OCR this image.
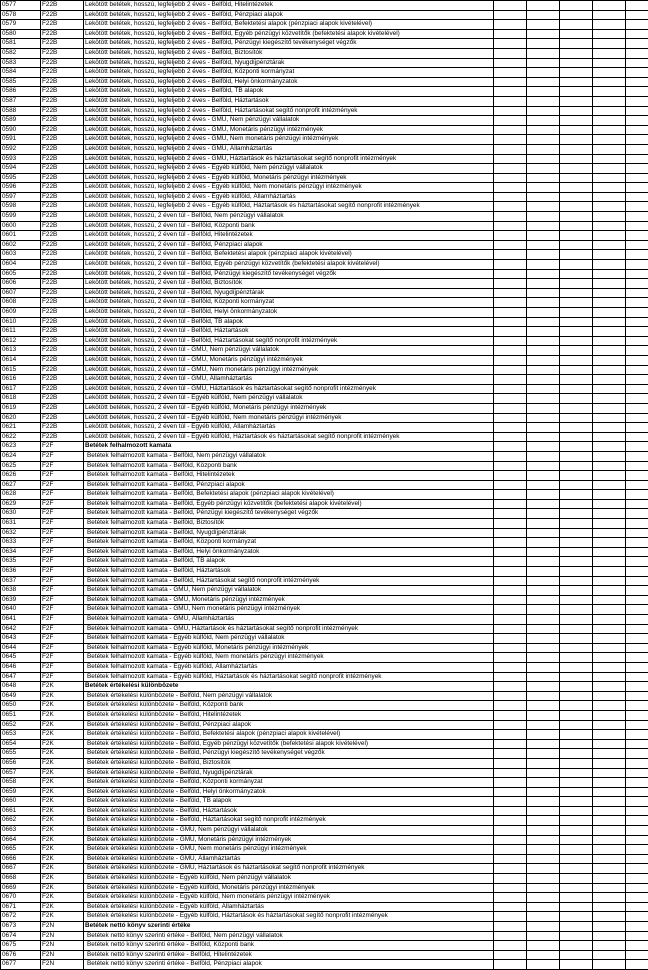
0577	F22B	Lekötött betétek, hosszú, legfeljebb 2 éves - Belföld, Hitelintézetek					
0578	F22B	Lekötött betétek, hosszú, legfeljebb 2 éves - Belföld, Pénzpiaci alapok					
0579	F22B	Lekötött betétek, hosszú, legfeljebb 2 éves - Belföld, Befektetési alapok (pénzpiaci alapok kivételével)					
0580	F22B	Lekötött betétek, hosszú, legfeljebb 2 éves - Belföld, Egyéb pénzügyi közvetítők (befektetési alapok kivételével)					
0581	F22B	Lekötött betétek, hosszú, legfeljebb 2 éves - Belföld, Pénzügyi kiegészítő tevékenységet végzők					
0582	F22B	Lekötött betétek, hosszú, legfeljebb 2 éves - Belföld, Biztosítók					
0583	F22B	Lekötött betétek, hosszú, legfeljebb 2 éves - Belföld, Nyugdíjpénztárak					
0584	F22B	Lekötött betétek, hosszú, legfeljebb 2 éves - Belföld, Központi kormányzat					
0585	F22B	Lekötött betétek, hosszú, legfeljebb 2 éves - Belföld, Helyi önkormányzatok					
0586	F22B	Lekötött betétek, hosszú, legfeljebb 2 éves - Belföld, TB alapok					
0587	F22B	Lekötött betétek, hosszú, legfeljebb 2 éves - Belföld, Háztartások					
0588	F22B	Lekötött betétek, hosszú, legfeljebb 2 éves - Belföld, Háztartásokat segítő nonprofit intézmények					
0589	F22B	Lekötött betétek, hosszú, legfeljebb 2 éves - GMU, Nem pénzügyi vállalatok					
0590	F22B	Lekötött betétek, hosszú, legfeljebb 2 éves - GMU, Monetáris pénzügyi intézmények					
0591	F22B	Lekötött betétek, hosszú, legfeljebb 2 éves - GMU, Nem monetáris pénzügyi intézmények					
0592	F22B	Lekötött betétek, hosszú, legfeljebb 2 éves - GMU, Államháztartás					
0593	F22B	Lekötött betétek, hosszú, legfeljebb 2 éves - GMU, Háztartások és háztartásokat segítő nonprofit intézmények					
0594	F22B	Lekötött betétek, hosszú, legfeljebb 2 éves - Egyéb külföld, Nem pénzügyi vállalatok					
0595	F22B	Lekötött betétek, hosszú, legfeljebb 2 éves - Egyéb külföld, Monetáris pénzügyi intézmények					
0596	F22B	Lekötött betétek, hosszú, legfeljebb 2 éves - Egyéb külföld, Nem monetáris pénzügyi intézmények					
0597	F22B	Lekötött betétek, hosszú, legfeljebb 2 éves - Egyéb külföld, Államháztartás					
0598	F22B	Lekötött betétek, hosszú, legfeljebb 2 éves - Egyéb külföld, Háztartások és háztartásokat segítő nonprofit intézmények					
0599	F22B	Lekötött betétek, hosszú, 2 éven túl - Belföld, Nem pénzügyi vállalatok					
0600	F22B	Lekötött betétek, hosszú, 2 éven túl - Belföld, Központi bank					
0601	F22B	Lekötött betétek, hosszú, 2 éven túl - Belföld, Hitelintézetek					
0602	F22B	Lekötött betétek, hosszú, 2 éven túl - Belföld, Pénzpiaci alapok					
0603	F22B	Lekötött betétek, hosszú, 2 éven túl - Belföld, Befektetési alapok (pénzpiaci alapok kivételével)					
0604	F22B	Lekötött betétek, hosszú, 2 éven túl - Belföld, Egyéb pénzügyi közvetítők (befektetési alapok kivételével)					
0605	F22B	Lekötött betétek, hosszú, 2 éven túl - Belföld, Pénzügyi kiegészítő tevékenységet végzők					
0606	F22B	Lekötött betétek, hosszú, 2 éven túl - Belföld, Biztosítók					
0607	F22B	Lekötött betétek, hosszú, 2 éven túl - Belföld, Nyugdíjpénztárak					
0608	F22B	Lekötött betétek, hosszú, 2 éven túl - Belföld, Központi kormányzat					
0609	F22B	Lekötött betétek, hosszú, 2 éven túl - Belföld, Helyi önkormányzatok					
0610	F22B	Lekötött betétek, hosszú, 2 éven túl - Belföld, TB alapok					
0611	F22B	Lekötött betétek, hosszú, 2 éven túl - Belföld, Háztartások					
0612	F22B	Lekötött betétek, hosszú, 2 éven túl - Belföld, Háztartásokat segítő nonprofit intézmények					
0613	F22B	Lekötött betétek, hosszú, 2 éven túl - GMU, Nem pénzügyi vállalatok					
0614	F22B	Lekötött betétek, hosszú, 2 éven túl - GMU, Monetáris pénzügyi intézmények					
0615	F22B	Lekötött betétek, hosszú, 2 éven túl - GMU, Nem monetáris pénzügyi intézmények					
0616	F22B	Lekötött betétek, hosszú, 2 éven túl - GMU, Államháztartás					
0617	F22B	Lekötött betétek, hosszú, 2 éven túl - GMU, Háztartások és háztartásokat segítő nonprofit intézmények					
0618	F22B	Lekötött betétek, hosszú, 2 éven túl - Egyéb külföld, Nem pénzügyi vállalatok					
0619	F22B	Lekötött betétek, hosszú, 2 éven túl - Egyéb külföld, Monetáris pénzügyi intézmények					
0620	F22B	Lekötött betétek, hosszú, 2 éven túl - Egyéb külföld, Nem monetáris pénzügyi intézmények					
0621	F22B	Lekötött betétek, hosszú, 2 éven túl - Egyéb külföld, Államháztartás					
0622	F22B	Lekötött betétek, hosszú, 2 éven túl - Egyéb külföld, Háztartások és háztartásokat segítő nonprofit intézmények					
0623	F2F	Betétek felhalmozott kamata					
0624	F2F	Betétek felhalmozott kamata - Belföld, Nem pénzügyi vállalatok					
0625	F2F	Betétek felhalmozott kamata - Belföld, Központi bank					
0626	F2F	Betétek felhalmozott kamata - Belföld, Hitelintézetek					
0627	F2F	Betétek felhalmozott kamata - Belföld, Pénzpiaci alapok					
0628	F2F	Betétek felhalmozott kamata - Belföld, Befektetési alapok (pénzpiaci alapok kivételével)					
0629	F2F	Betétek felhalmozott kamata - Belföld, Egyéb pénzügyi közvetítők (befektetési alapok kivételével)					
0630	F2F	Betétek felhalmozott kamata - Belföld, Pénzügyi kiegészítő tevékenységet végzők					
0631	F2F	Betétek felhalmozott kamata - Belföld, Biztosítók					
0632	F2F	Betétek felhalmozott kamata - Belföld, Nyugdíjpénztárak					
0633	F2F	Betétek felhalmozott kamata - Belföld, Központi kormányzat					
0634	F2F	Betétek felhalmozott kamata - Belföld, Helyi önkormányzatok					
0635	F2F	Betétek felhalmozott kamata - Belföld, TB alapok					
0636	F2F	Betétek felhalmozott kamata - Belföld, Háztartások					
0637	F2F	Betétek felhalmozott kamata - Belföld, Háztartásokat segítő nonprofit intézmények					
0638	F2F	Betétek felhalmozott kamata - GMU, Nem pénzügyi vállalatok					
0639	F2F	Betétek felhalmozott kamata - GMU, Monetáris pénzügyi intézmények					
0640	F2F	Betétek felhalmozott kamata - GMU, Nem monetáris pénzügyi intézmények					
0641	F2F	Betétek felhalmozott kamata - GMU, Államháztartás					
0642	F2F	Betétek felhalmozott kamata - GMU, Háztartások és háztartásokat segítő nonprofit intézmények					
0643	F2F	Betétek felhalmozott kamata - Egyéb külföld, Nem pénzügyi vállalatok					
0644	F2F	Betétek felhalmozott kamata - Egyéb külföld, Monetáris pénzügyi intézmények					
0645	F2F	Betétek felhalmozott kamata - Egyéb külföld, Nem monetáris pénzügyi intézmények					
0646	F2F	Betétek felhalmozott kamata - Egyéb külföld, Államháztartás					
0647	F2F	Betétek felhalmozott kamata - Egyéb külföld, Háztartások és háztartásokat segítő nonprofit intézmények					
0648	F2K	Betétek értékelési különbözete					
0649	F2K	Betétek értékelési különbözete - Belföld, Nem pénzügyi vállalatok					
0650	F2K	Betétek értékelési különbözete - Belföld, Központi bank					
0651	F2K	Betétek értékelési különbözete - Belföld, Hitelintézetek					
0652	F2K	Betétek értékelési különbözete - Belföld, Pénzpiaci alapok					
0653	F2K	Betétek értékelési különbözete - Belföld, Befektetési alapok (pénzpiaci alapok kivételével)					
0654	F2K	Betétek értékelési különbözete - Belföld, Egyéb pénzügyi közvetítők (befektetési alapok kivételével)					
0655	F2K	Betétek értékelési különbözete - Belföld, Pénzügyi kiegészítő tevékenységet végzők					
0656	F2K	Betétek értékelési különbözete - Belföld, Biztosítók					
0657	F2K	Betétek értékelési különbözete - Belföld, Nyugdíjpénztárak					
0658	F2K	Betétek értékelési különbözete - Belföld, Központi kormányzat					
0659	F2K	Betétek értékelési különbözete - Belföld, Helyi önkormányzatok					
0660	F2K	Betétek értékelési különbözete - Belföld, TB alapok					
0661	F2K	Betétek értékelési különbözete - Belföld, Háztartások					
0662	F2K	Betétek értékelési különbözete - Belföld, Háztartásokat segítő nonprofit intézmények					
0663	F2K	Betétek értékelési különbözete - GMU, Nem pénzügyi vállalatok					
0664	F2K	Betétek értékelési különbözete - GMU, Monetáris pénzügyi intézmények					
0665	F2K	Betétek értékelési különbözete - GMU, Nem monetáris pénzügyi intézmények					
0666	F2K	Betétek értékelési különbözete - GMU, Államháztartás					
0667	F2K	Betétek értékelési különbözete - GMU, Háztartások és háztartásokat segítő nonprofit intézmények					
0668	F2K	Betétek értékelési különbözete - Egyéb külföld, Nem pénzügyi vállalatok					
0669	F2K	Betétek értékelési különbözete - Egyéb külföld, Monetáris pénzügyi intézmények					
0670	F2K	Betétek értékelési különbözete - Egyéb külföld, Nem monetáris pénzügyi intézmények					
0671	F2K	Betétek értékelési különbözete - Egyéb külföld, Államháztartás					
0672	F2K	Betétek értékelési különbözete - Egyéb külföld, Háztartások és háztartásokat segítő nonprofit intézmények					
0673	F2N	Betétek nettó könyv szerinti értéke					
0674	F2N	Betétek nettó könyv szerinti értéke - Belföld, Nem pénzügyi vállalatok					
0675	F2N	Betétek nettó könyv szerinti értéke - Belföld, Központi bank					
0676	F2N	Betétek nettó könyv szerinti értéke - Belföld, Hitelintézetek					
0677	F2N	Betétek nettó könyv szerinti értéke - Belföld, Pénzpiaci alapok					
